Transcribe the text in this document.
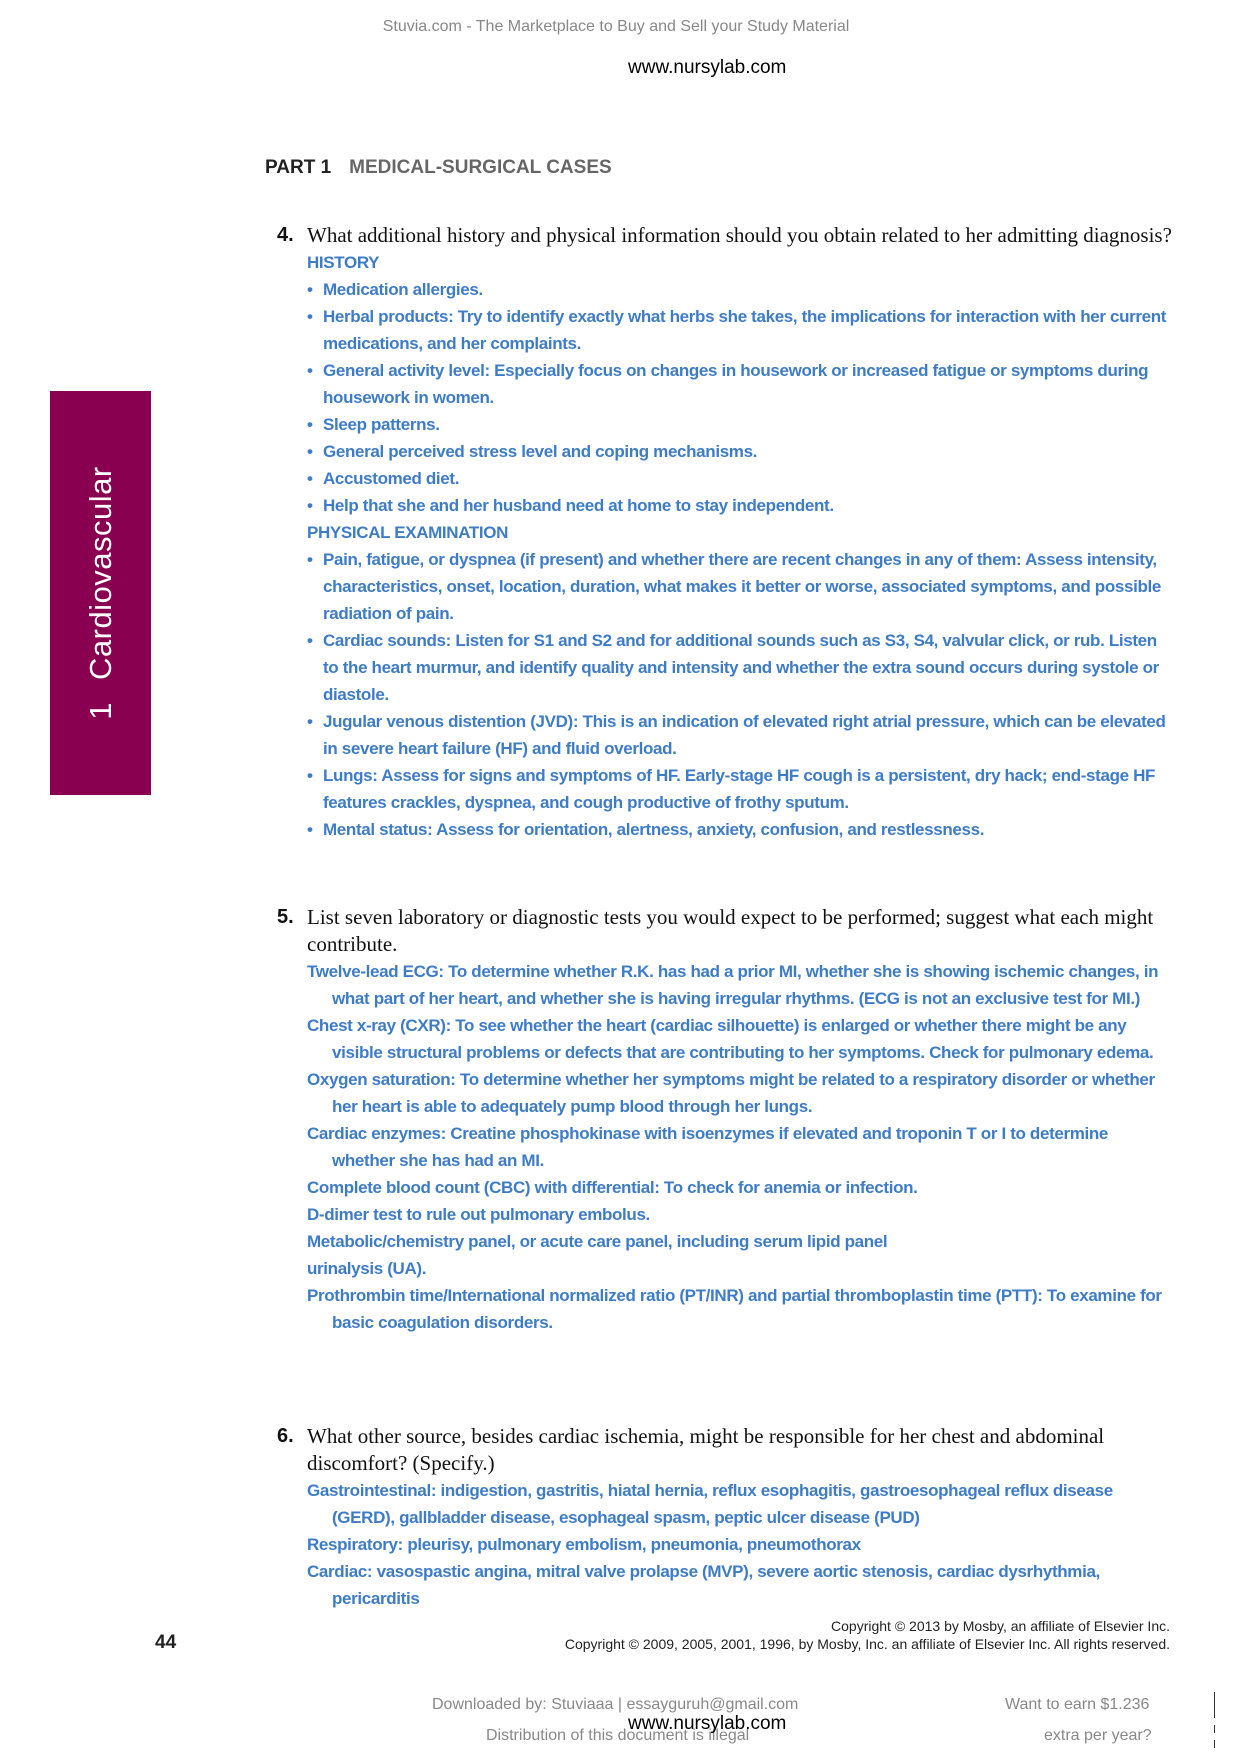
Stuvia.com - The Marketplace to Buy and Sell your Study Material
www.nursylab.com
PART 1 MEDICAL-SURGICAL CASES
1Cardiovascular
4. What additional history and physical information should you obtain related to her admitting diagnosis?
HISTORY
• Medication allergies.
• Herbal products: Try to identify exactly what herbs she takes, the implications for interaction with her current medications, and her complaints.
• General activity level: Especially focus on changes in housework or increased fatigue or symptoms during housework in women.
• Sleep patterns.
• General perceived stress level and coping mechanisms.
• Accustomed diet.
• Help that she and her husband need at home to stay independent.
PHYSICAL EXAMINATION
• Pain, fatigue, or dyspnea (if present) and whether there are recent changes in any of them: Assess intensity, characteristics, onset, location, duration, what makes it better or worse, associated symptoms, and possible radiation of pain.
• Cardiac sounds: Listen for S1 and S2 and for additional sounds such as S3, S4, valvular click, or rub. Listen to the heart murmur, and identify quality and intensity and whether the extra sound occurs during systole or diastole.
• Jugular venous distention (JVD): This is an indication of elevated right atrial pressure, which can be elevated in severe heart failure (HF) and fluid overload.
• Lungs: Assess for signs and symptoms of HF. Early-stage HF cough is a persistent, dry hack; end-stage HF features crackles, dyspnea, and cough productive of frothy sputum.
• Mental status: Assess for orientation, alertness, anxiety, confusion, and restlessness.
5. List seven laboratory or diagnostic tests you would expect to be performed; suggest what each might contribute.
Twelve-lead ECG: To determine whether R.K. has had a prior MI, whether she is showing ischemic changes, in what part of her heart, and whether she is having irregular rhythms. (ECG is not an exclusive test for MI.)
Chest x-ray (CXR): To see whether the heart (cardiac silhouette) is enlarged or whether there might be any visible structural problems or defects that are contributing to her symptoms. Check for pulmonary edema.
Oxygen saturation: To determine whether her symptoms might be related to a respiratory disorder or whether her heart is able to adequately pump blood through her lungs.
Cardiac enzymes: Creatine phosphokinase with isoenzymes if elevated and troponin T or I to determine whether she has had an MI.
Complete blood count (CBC) with differential: To check for anemia or infection.
D-dimer test to rule out pulmonary embolus.
Metabolic/chemistry panel, or acute care panel, including serum lipid panel
urinalysis (UA).
Prothrombin time/International normalized ratio (PT/INR) and partial thromboplastin time (PTT): To examine for basic coagulation disorders.
6. What other source, besides cardiac ischemia, might be responsible for her chest and abdominal discomfort? (Specify.)
Gastrointestinal: indigestion, gastritis, hiatal hernia, reflux esophagitis, gastroesophageal reflux disease (GERD), gallbladder disease, esophageal spasm, peptic ulcer disease (PUD)
Respiratory: pleurisy, pulmonary embolism, pneumonia, pneumothorax
Cardiac: vasospastic angina, mitral valve prolapse (MVP), severe aortic stenosis, cardiac dysrhythmia, pericarditis
44
Copyright © 2013 by Mosby, an affiliate of Elsevier Inc.
Copyright © 2009, 2005, 2001, 1996, by Mosby, Inc. an affiliate of Elsevier Inc. All rights reserved.
Downloaded by: Stuviaaa | essayguruh@gmail.com
Distribution of this document is illegal
www.nursylab.com
Want to earn $1.236
extra per year?
